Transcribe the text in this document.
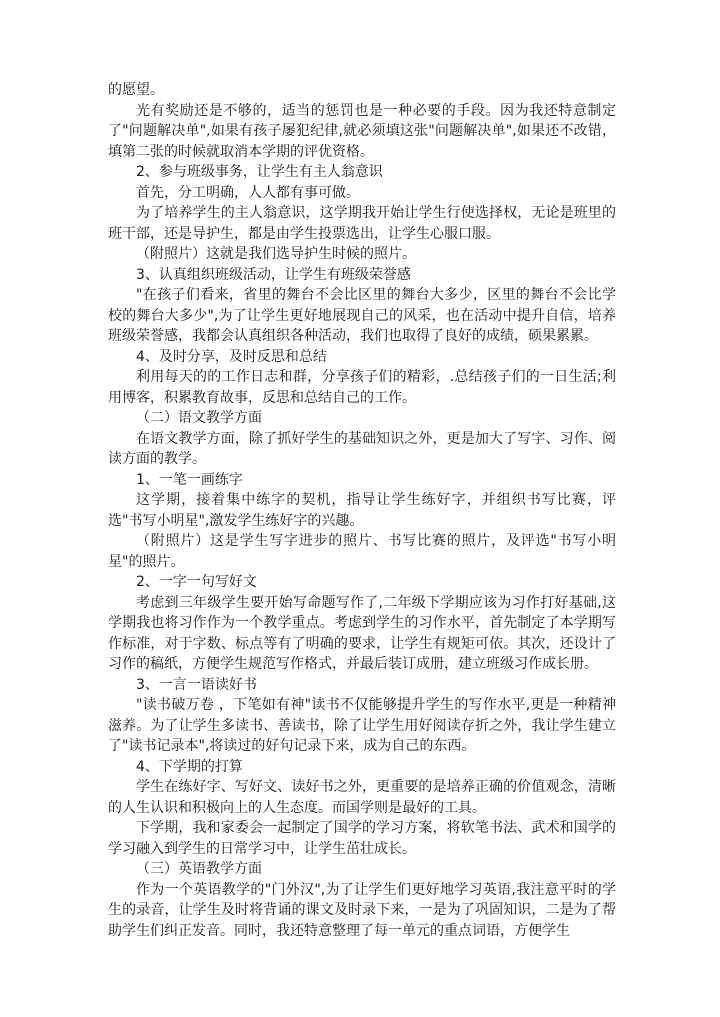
的愿望。

光有奖励还是不够的，适当的惩罚也是一种必要的手段。因为我还特意制定了"问题解决单",如果有孩子屡犯纪律,就必须填这张"问题解决单",如果还不改错，填第二张的时候就取消本学期的评优资格。

2、参与班级事务，让学生有主人翁意识

首先，分工明确，人人都有事可做。

为了培养学生的主人翁意识，这学期我开始让学生行使选择权，无论是班里的班干部，还是导护生，都是由学生投票选出，让学生心服口服。

（附照片）这就是我们选导护生时候的照片。

3、认真组织班级活动，让学生有班级荣誉感

"在孩子们看来，省里的舞台不会比区里的舞台大多少，区里的舞台不会比学校的舞台大多少",为了让学生更好地展现自己的风采，也在活动中提升自信，培养班级荣誉感，我都会认真组织各种活动，我们也取得了良好的成绩，硕果累累。

4、及时分享，及时反思和总结

利用每天的的工作日志和群，分享孩子们的精彩，.总结孩子们的一日生活;利用博客，积累教育故事，反思和总结自己的工作。

（二）语文教学方面

在语文教学方面，除了抓好学生的基础知识之外，更是加大了写字、习作、阅读方面的教学。

1、一笔一画练字

这学期，接着集中练字的契机，指导让学生练好字，并组织书写比赛，评选"书写小明星",激发学生练好字的兴趣。

（附照片）这是学生写字进步的照片、书写比赛的照片，及评选"书写小明星"的照片。

2、一字一句写好文

考虑到三年级学生要开始写命题写作了,二年级下学期应该为习作打好基础,这学期我也将习作作为一个教学重点。考虑到学生的习作水平，首先制定了本学期写作标准，对于字数、标点等有了明确的要求，让学生有规矩可依。其次，还设计了习作的稿纸，方便学生规范写作格式，并最后装订成册，建立班级习作成长册。

3、一言一语读好书

"读书破万卷 ，下笔如有神"读书不仅能够提升学生的写作水平,更是一种精神滋养。为了让学生多读书、善读书，除了让学生用好阅读存折之外，我让学生建立了"读书记录本",将读过的好句记录下来，成为自己的东西。

4、下学期的打算

学生在练好字、写好文、读好书之外，更重要的是培养正确的价值观念，清晰的人生认识和积极向上的人生态度。而国学则是最好的工具。

下学期，我和家委会一起制定了国学的学习方案，将软笔书法、武术和国学的学习融入到学生的日常学习中，让学生茁壮成长。

（三）英语教学方面

作为一个英语教学的"门外汉",为了让学生们更好地学习英语,我注意平时的学生的录音，让学生及时将背诵的课文及时录下来，一是为了巩固知识，二是为了帮助学生们纠正发音。同时，我还特意整理了每一单元的重点词语，方便学生
